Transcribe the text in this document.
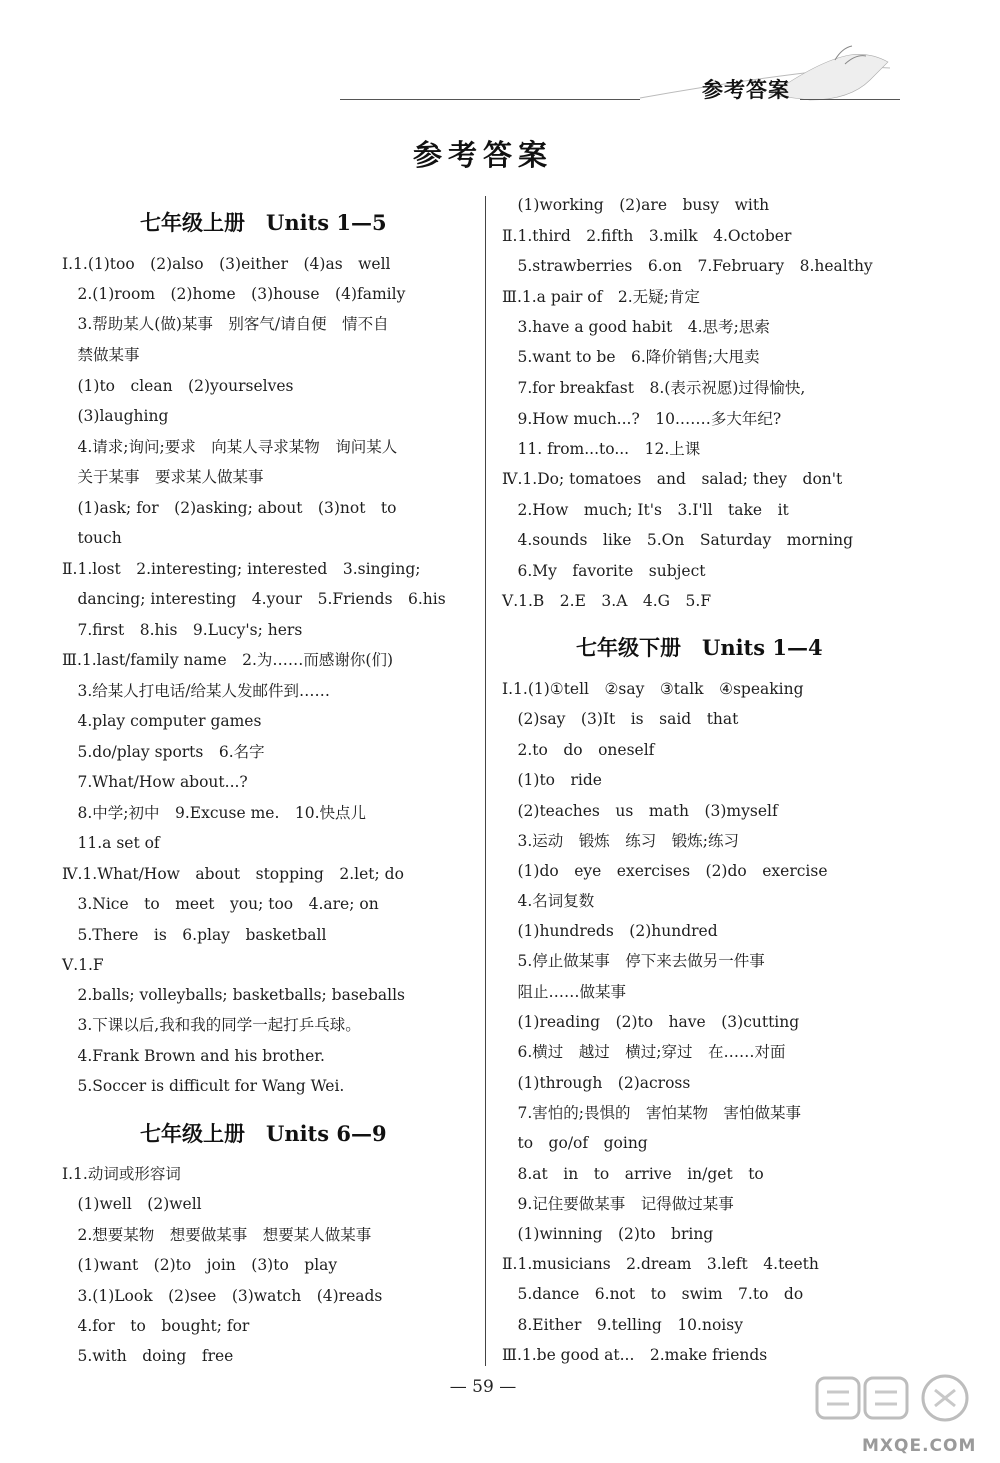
参考答案
参考答案
七年级上册　Units 1—5
Ⅰ.1.(1)too　(2)also　(3)either　(4)as　well
　2.(1)room　(2)home　(3)house　(4)family
　3.帮助某人(做)某事　别客气/请自便　情不自
　禁做某事
　(1)to　clean　(2)yourselves
　(3)laughing
　4.请求;询问;要求　向某人寻求某物　询问某人
　关于某事　要求某人做某事
　(1)ask; for　(2)asking; about　(3)not　to
　touch
Ⅱ.1.lost　2.interesting; interested　3.singing;
　dancing; interesting　4.your　5.Friends　6.his
　7.first　8.his　9.Lucy's; hers
Ⅲ.1.last/family name　2.为……而感谢你(们)
　3.给某人打电话/给某人发邮件到……
　4.play computer games
　5.do/play sports　6.名字
　7.What/How about...?
　8.中学;初中　9.Excuse me.　10.快点儿
　11.a set of
Ⅳ.1.What/How　about　stopping　2.let; do
　3.Nice　to　meet　you; too　4.are; on
　5.There　is　6.play　basketball
Ⅴ.1.F
　2.balls; volleyballs; basketballs; baseballs
　3.下课以后,我和我的同学一起打乒乓球。
　4.Frank Brown and his brother.
　5.Soccer is difficult for Wang Wei.
七年级上册　Units 6—9
Ⅰ.1.动词或形容词
　(1)well　(2)well
　2.想要某物　想要做某事　想要某人做某事
　(1)want　(2)to　join　(3)to　play
　3.(1)Look　(2)see　(3)watch　(4)reads
　4.for　to　bought; for
　5.with　doing　free
　(1)working　(2)are　busy　with
Ⅱ.1.third　2.fifth　3.milk　4.October
　5.strawberries　6.on　7.February　8.healthy
Ⅲ.1.a pair of　2.无疑;肯定
　3.have a good habit　4.思考;思索
　5.want to be　6.降价销售;大甩卖
　7.for breakfast　8.(表示祝愿)过得愉快,
　9.How much...?　10.……多大年纪?
　11. from...to...　12.上课
Ⅳ.1.Do; tomatoes　and　salad; they　don't
　2.How　much; It's　3.I'll　take　it
　4.sounds　like　5.On　Saturday　morning
　6.My　favorite　subject
Ⅴ.1.B　2.E　3.A　4.G　5.F
七年级下册　Units 1—4
Ⅰ.1.(1)①tell　②say　③talk　④speaking
　(2)say　(3)It　is　said　that
　2.to　do　oneself
　(1)to　ride
　(2)teaches　us　math　(3)myself
　3.运动　锻炼　练习　锻炼;练习
　(1)do　eye　exercises　(2)do　exercise
　4.名词复数
　(1)hundreds　(2)hundred
　5.停止做某事　停下来去做另一件事
　阻止……做某事
　(1)reading　(2)to　have　(3)cutting
　6.横过　越过　横过;穿过　在……对面
　(1)through　(2)across
　7.害怕的;畏惧的　害怕某物　害怕做某事
　to　go/of　going
　8.at　in　to　arrive　in/get　to
　9.记住要做某事　记得做过某事
　(1)winning　(2)to　bring
Ⅱ.1.musicians　2.dream　3.left　4.teeth
　5.dance　6.not　to　swim　7.to　do
　8.Either　9.telling　10.noisy
Ⅲ.1.be good at...　2.make friends
— 59 —
MXQE.COM
